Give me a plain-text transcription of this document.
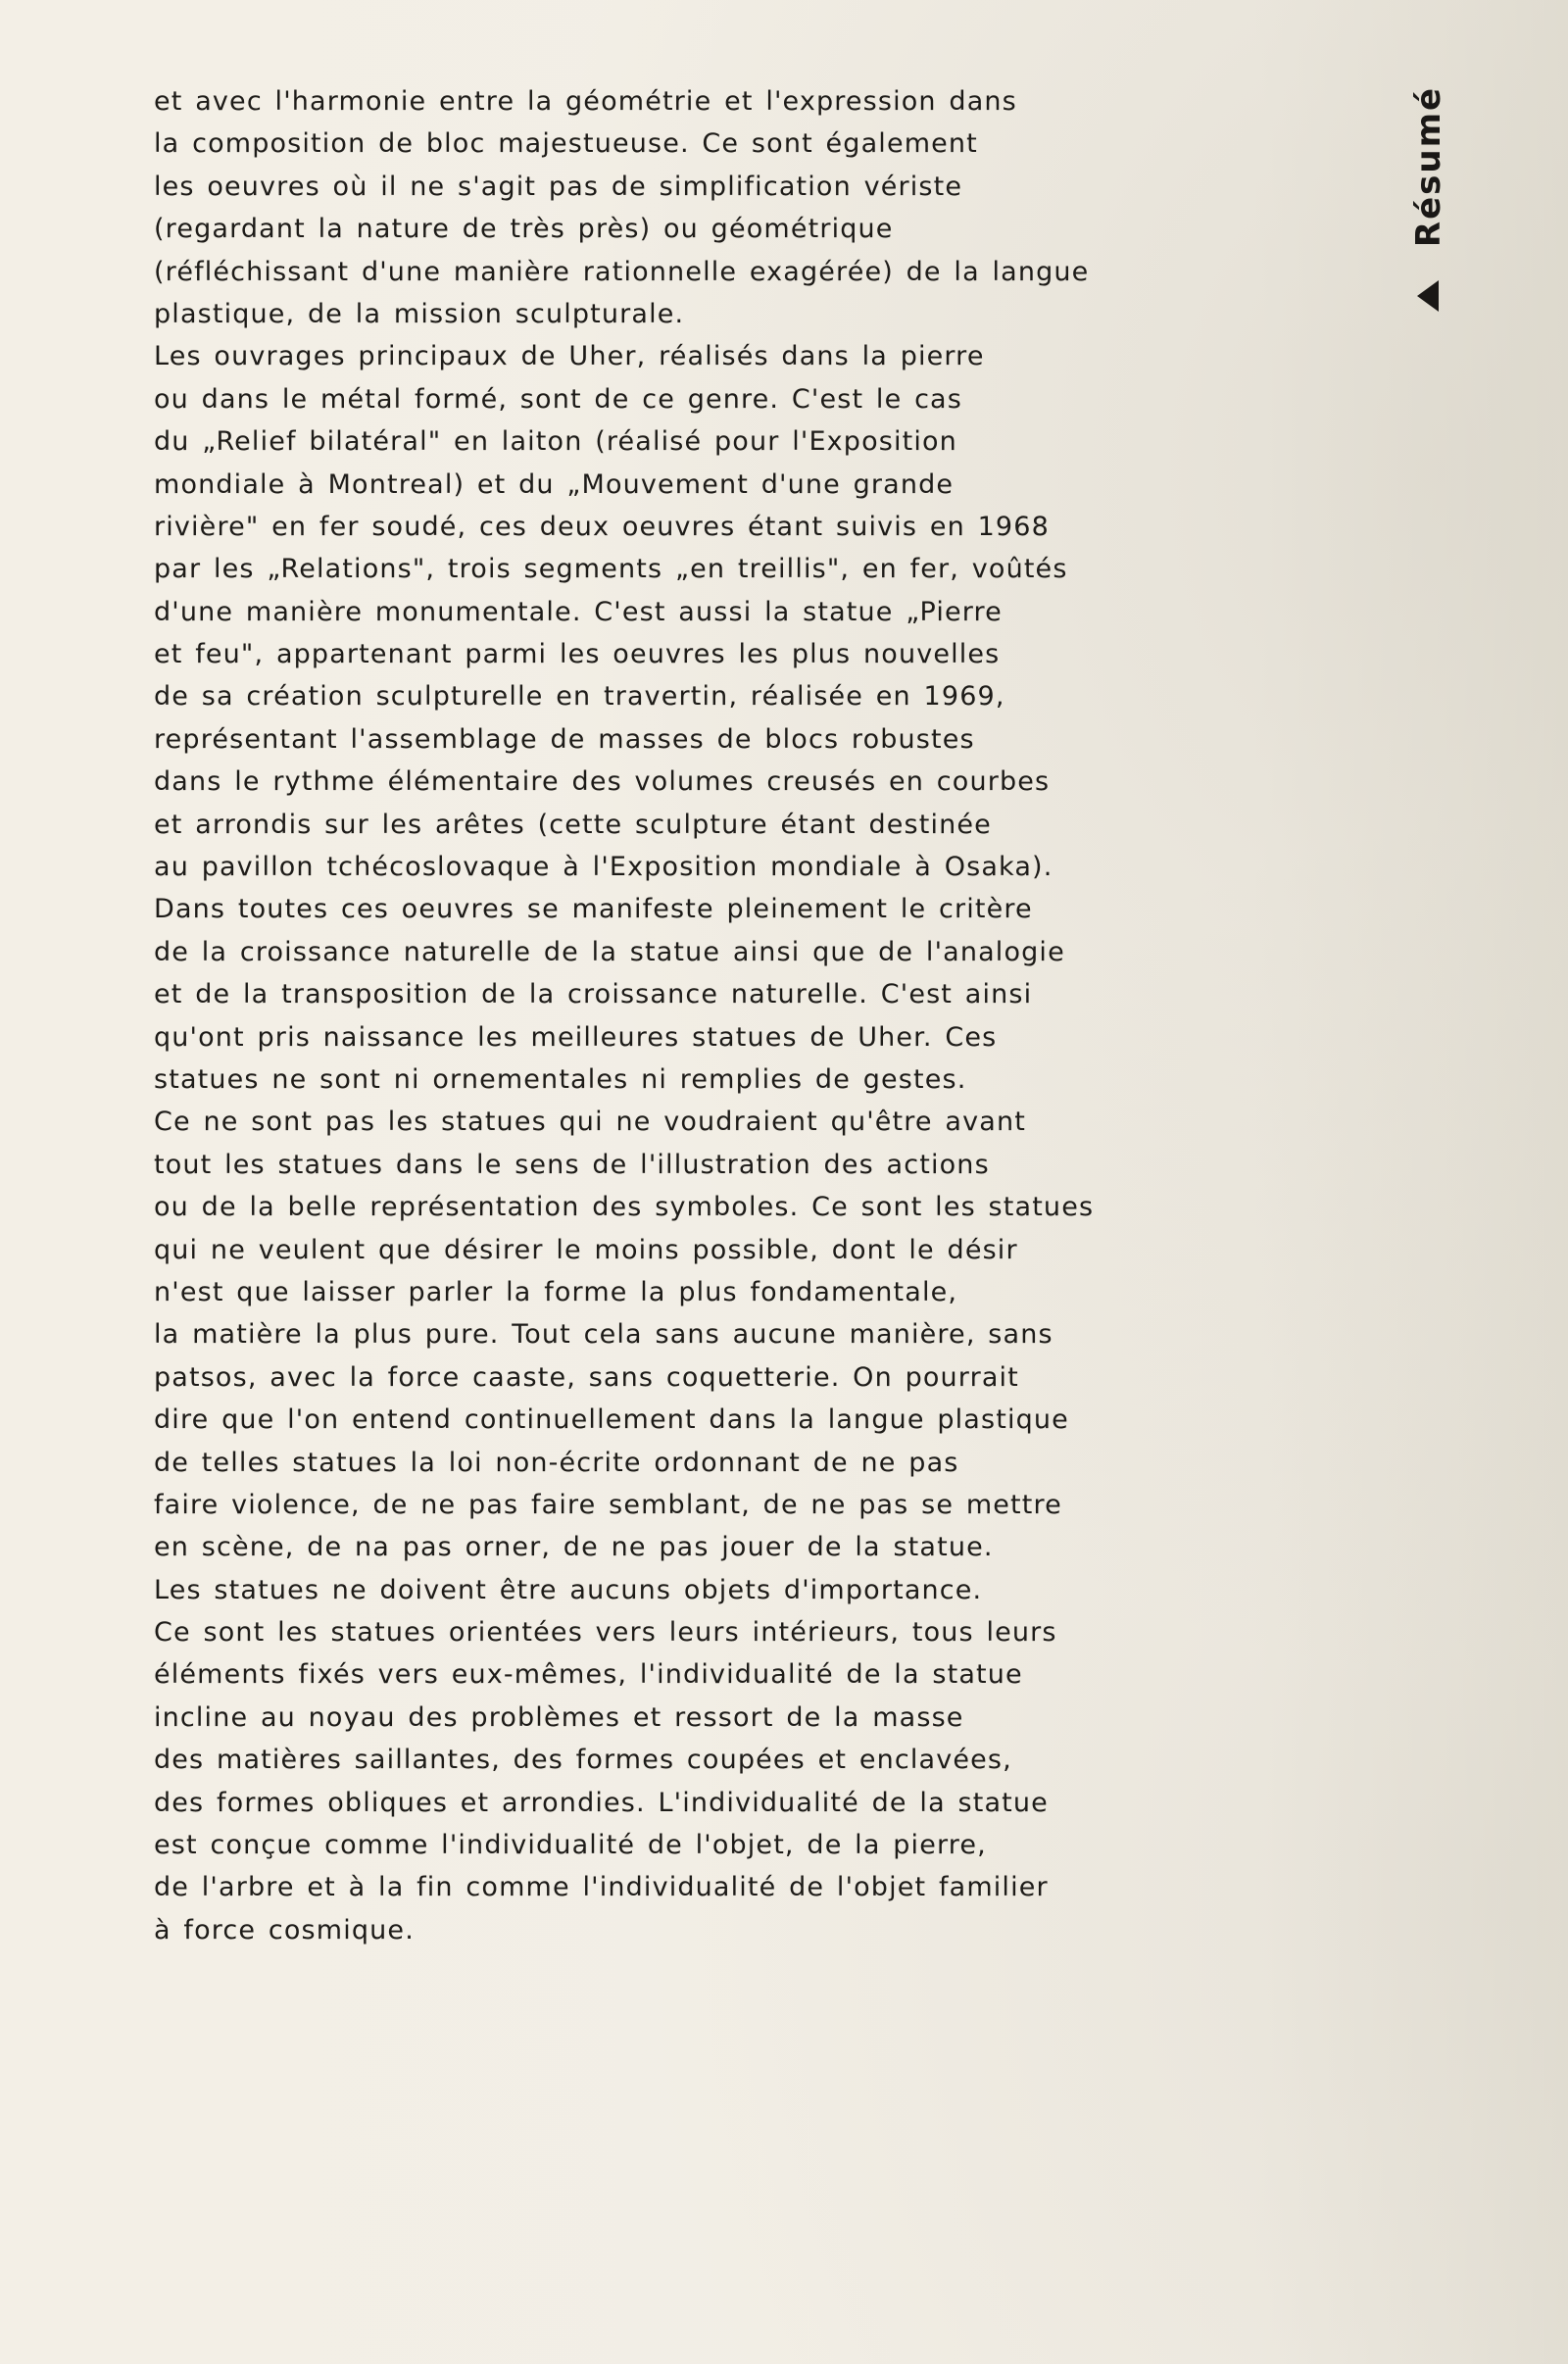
et avec l'harmonie entre la géométrie et l'expression dans
la composition de bloc majestueuse. Ce sont également
les oeuvres où il ne s'agit pas de simplification vériste
(regardant la nature de très près) ou géométrique
(réfléchissant d'une manière rationnelle exagérée) de la langue
plastique, de la mission sculpturale.
Les ouvrages principaux de Uher, réalisés dans la pierre
ou dans le métal formé, sont de ce genre. C'est le cas
du „Relief bilatéral" en laiton (réalisé pour l'Exposition
mondiale à Montreal) et du „Mouvement d'une grande
rivière" en fer soudé, ces deux oeuvres étant suivis en 1968
par les „Relations", trois segments „en treillis", en fer, voûtés
d'une manière monumentale. C'est aussi la statue „Pierre
et feu", appartenant parmi les oeuvres les plus nouvelles
de sa création sculpturelle en travertin, réalisée en 1969,
représentant l'assemblage de masses de blocs robustes
dans le rythme élémentaire des volumes creusés en courbes
et arrondis sur les arêtes (cette sculpture étant destinée
au pavillon tchécoslovaque à l'Exposition mondiale à Osaka).
Dans toutes ces oeuvres se manifeste pleinement le critère
de la croissance naturelle de la statue ainsi que de l'analogie
et de la transposition de la croissance naturelle. C'est ainsi
qu'ont pris naissance les meilleures statues de Uher. Ces
statues ne sont ni ornementales ni remplies de gestes.
Ce ne sont pas les statues qui ne voudraient qu'être avant
tout les statues dans le sens de l'illustration des actions
ou de la belle représentation des symboles. Ce sont les statues
qui ne veulent que désirer le moins possible, dont le désir
n'est que laisser parler la forme la plus fondamentale,
la matière la plus pure. Tout cela sans aucune manière, sans
patsos, avec la force caaste, sans coquetterie. On pourrait
dire que l'on entend continuellement dans la langue plastique
de telles statues la loi non-écrite ordonnant de ne pas
faire violence, de ne pas faire semblant, de ne pas se mettre
en scène, de na pas orner, de ne pas jouer de la statue.
Les statues ne doivent être aucuns objets d'importance.
Ce sont les statues orientées vers leurs intérieurs, tous leurs
éléments fixés vers eux-mêmes, l'individualité de la statue
incline au noyau des problèmes et ressort de la masse
des matières saillantes, des formes coupées et enclavées,
des formes obliques et arrondies. L'individualité de la statue
est conçue comme l'individualité de l'objet, de la pierre,
de l'arbre et à la fin comme l'individualité de l'objet familier
à force cosmique.
Résumé
